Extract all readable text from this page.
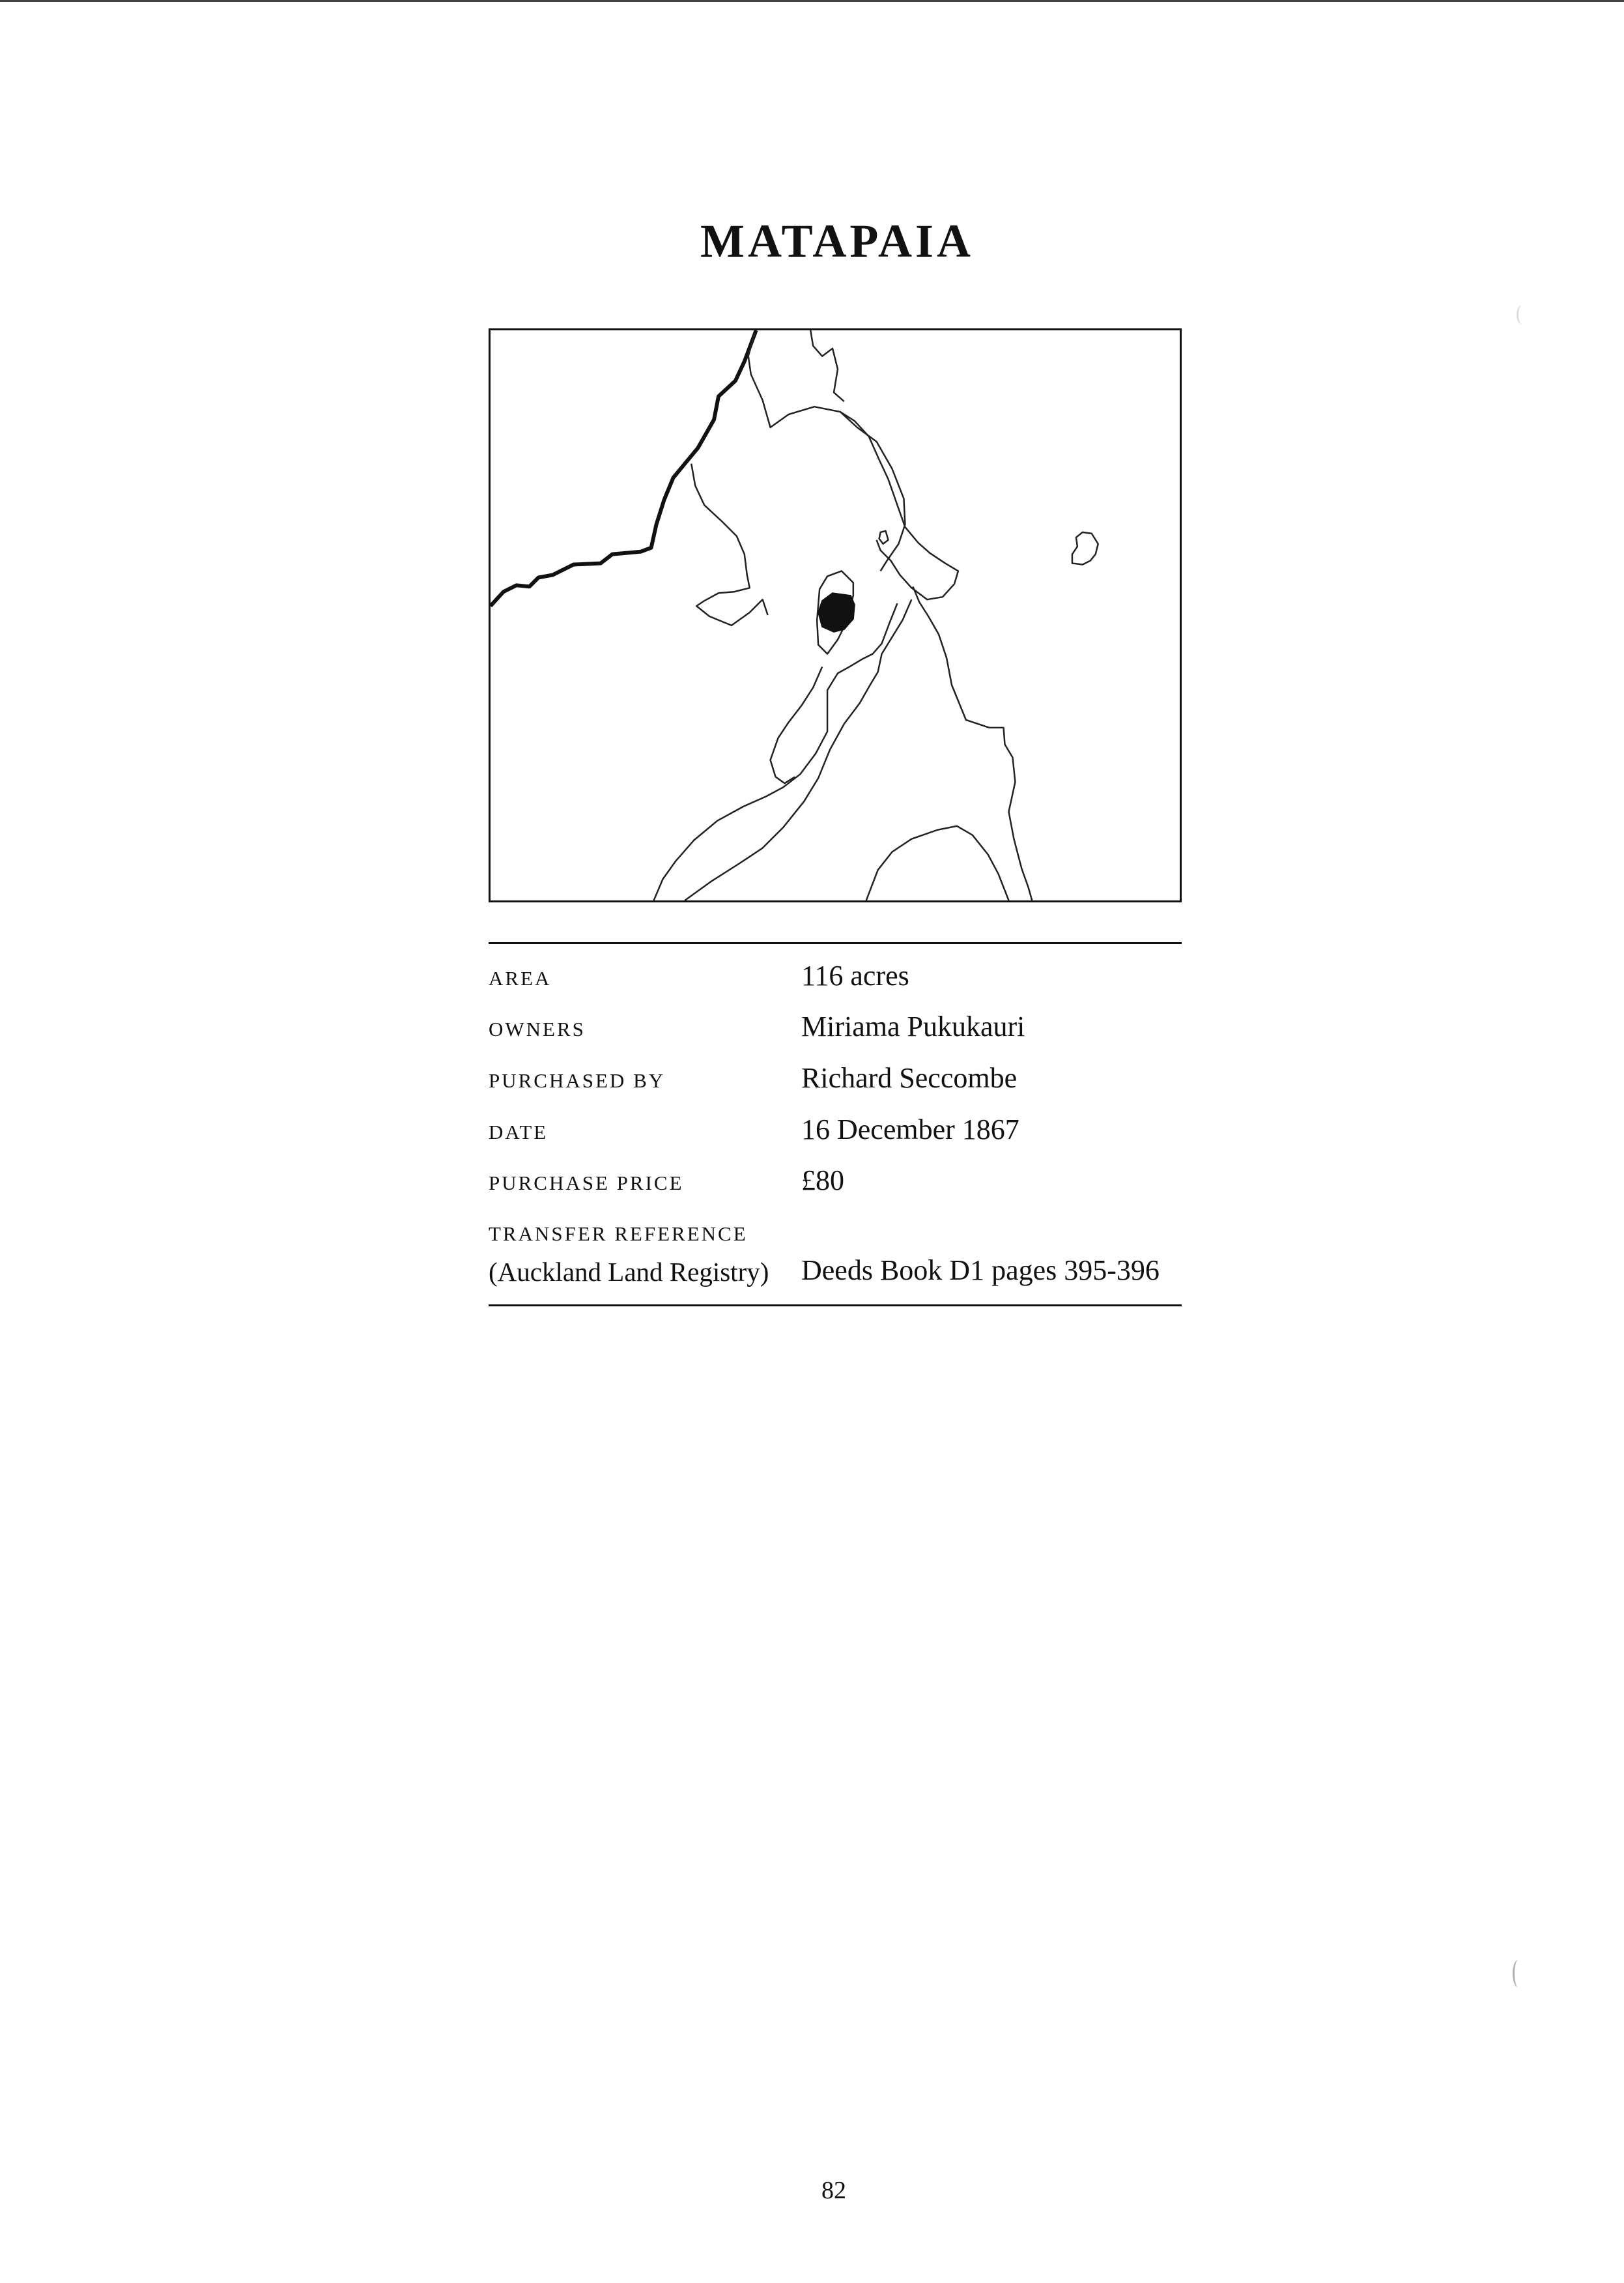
MATAPAIA
AREA	116 acres
OWNERS	Miriama Pukukauri
PURCHASED BY	Richard Seccombe
DATE	16 December 1867
PURCHASE PRICE	£80
TRANSFER REFERENCE
(Auckland Land Registry) Deeds Book D1 pages 395-396
82
